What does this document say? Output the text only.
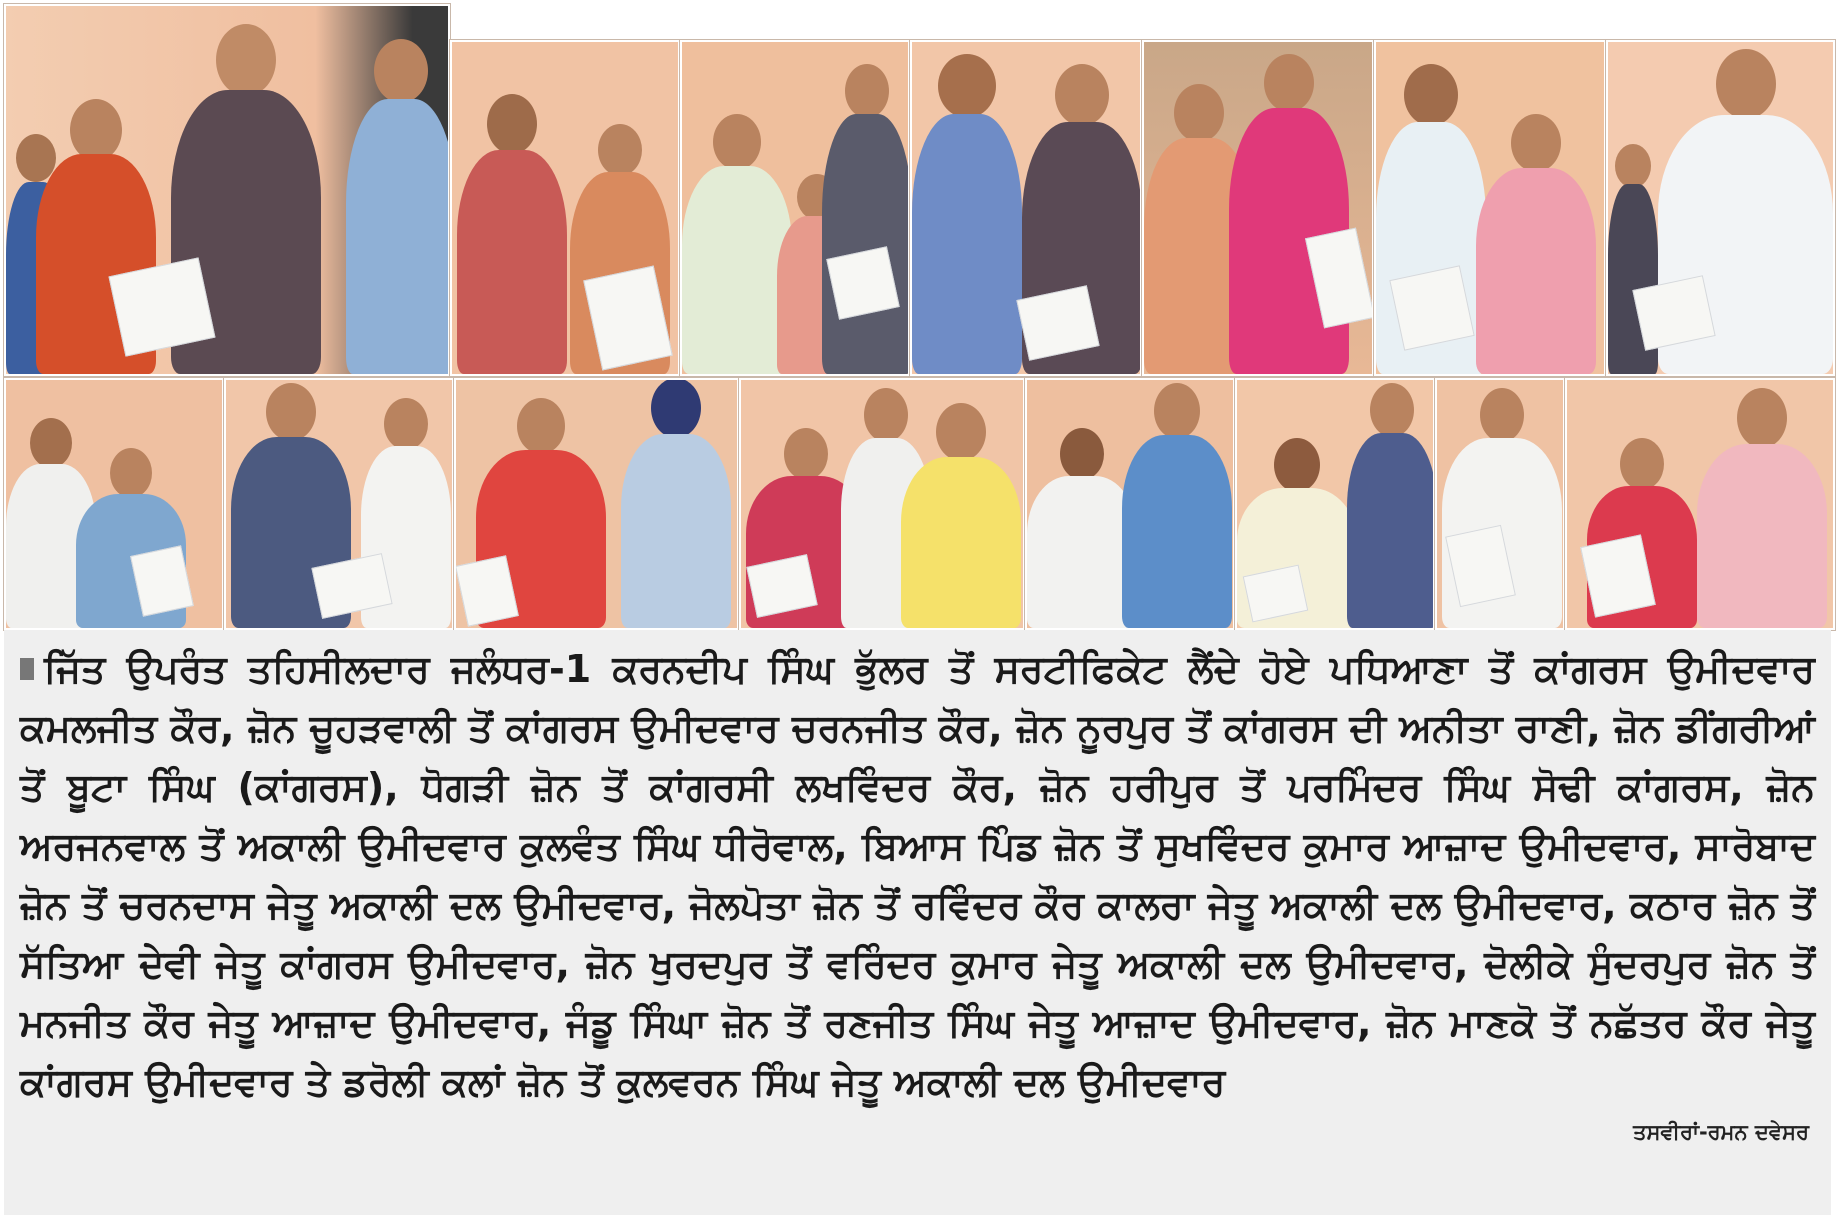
ਜਿੱਤ ਉਪਰੰਤ ਤਹਿਸੀਲਦਾਰ ਜਲੰਧਰ-1 ਕਰਨਦੀਪ ਸਿੰਘ ਭੁੱਲਰ ਤੋਂ ਸਰਟੀਫਿਕੇਟ ਲੈਂਦੇ ਹੋਏ ਪਧਿਆਣਾ ਤੋਂ ਕਾਂਗਰਸ ਉਮੀਦਵਾਰ ਕਮਲਜੀਤ ਕੌਰ, ਜ਼ੋਨ ਚੂਹੜਵਾਲੀ ਤੋਂ ਕਾਂਗਰਸ ਉਮੀਦਵਾਰ ਚਰਨਜੀਤ ਕੌਰ, ਜ਼ੋਨ ਨੂਰਪੁਰ ਤੋਂ ਕਾਂਗਰਸ ਦੀ ਅਨੀਤਾ ਰਾਣੀ, ਜ਼ੋਨ ਡੀਂਗਰੀਆਂ ਤੋਂ ਬੂਟਾ ਸਿੰਘ (ਕਾਂਗਰਸ), ਧੋਗੜੀ ਜ਼ੋਨ ਤੋਂ ਕਾਂਗਰਸੀ ਲਖਵਿੰਦਰ ਕੌਰ, ਜ਼ੋਨ ਹਰੀਪੁਰ ਤੋਂ ਪਰਮਿੰਦਰ ਸਿੰਘ ਸੋਢੀ ਕਾਂਗਰਸ, ਜ਼ੋਨ ਅਰਜਨਵਾਲ ਤੋਂ ਅਕਾਲੀ ਉਮੀਦਵਾਰ ਕੁਲਵੰਤ ਸਿੰਘ ਧੀਰੋਵਾਲ, ਬਿਆਸ ਪਿੰਡ ਜ਼ੋਨ ਤੋਂ ਸੁਖਵਿੰਦਰ ਕੁਮਾਰ ਆਜ਼ਾਦ ਉਮੀਦਵਾਰ, ਸਾਰੋਬਾਦ ਜ਼ੋਨ ਤੋਂ ਚਰਨਦਾਸ ਜੇਤੂ ਅਕਾਲੀ ਦਲ ਉਮੀਦਵਾਰ, ਜੋਲਪੋਤਾ ਜ਼ੋਨ ਤੋਂ ਰਵਿੰਦਰ ਕੌਰ ਕਾਲਰਾ ਜੇਤੂ ਅਕਾਲੀ ਦਲ ਉਮੀਦਵਾਰ, ਕਠਾਰ ਜ਼ੋਨ ਤੋਂ ਸੱਤਿਆ ਦੇਵੀ ਜੇਤੂ ਕਾਂਗਰਸ ਉਮੀਦਵਾਰ, ਜ਼ੋਨ ਖੁਰਦਪੁਰ ਤੋਂ ਵਰਿੰਦਰ ਕੁਮਾਰ ਜੇਤੂ ਅਕਾਲੀ ਦਲ ਉਮੀਦਵਾਰ, ਦੋਲੀਕੇ ਸੁੰਦਰਪੁਰ ਜ਼ੋਨ ਤੋਂ ਮਨਜੀਤ ਕੌਰ ਜੇਤੂ ਆਜ਼ਾਦ ਉਮੀਦਵਾਰ, ਜੰਡੂ ਸਿੰਘਾ ਜ਼ੋਨ ਤੋਂ ਰਣਜੀਤ ਸਿੰਘ ਜੇਤੂ ਆਜ਼ਾਦ ਉਮੀਦਵਾਰ, ਜ਼ੋਨ ਮਾਣਕੋ ਤੋਂ ਨਛੱਤਰ ਕੌਰ ਜੇਤੂ ਕਾਂਗਰਸ ਉਮੀਦਵਾਰ ਤੇ ਡਰੋਲੀ ਕਲਾਂ ਜ਼ੋਨ ਤੋਂ ਕੁਲਵਰਨ ਸਿੰਘ ਜੇਤੂ ਅਕਾਲੀ ਦਲ ਉਮੀਦਵਾਰ

ਤਸਵੀਰਾਂ-ਰਮਨ ਦਵੇਸਰ
